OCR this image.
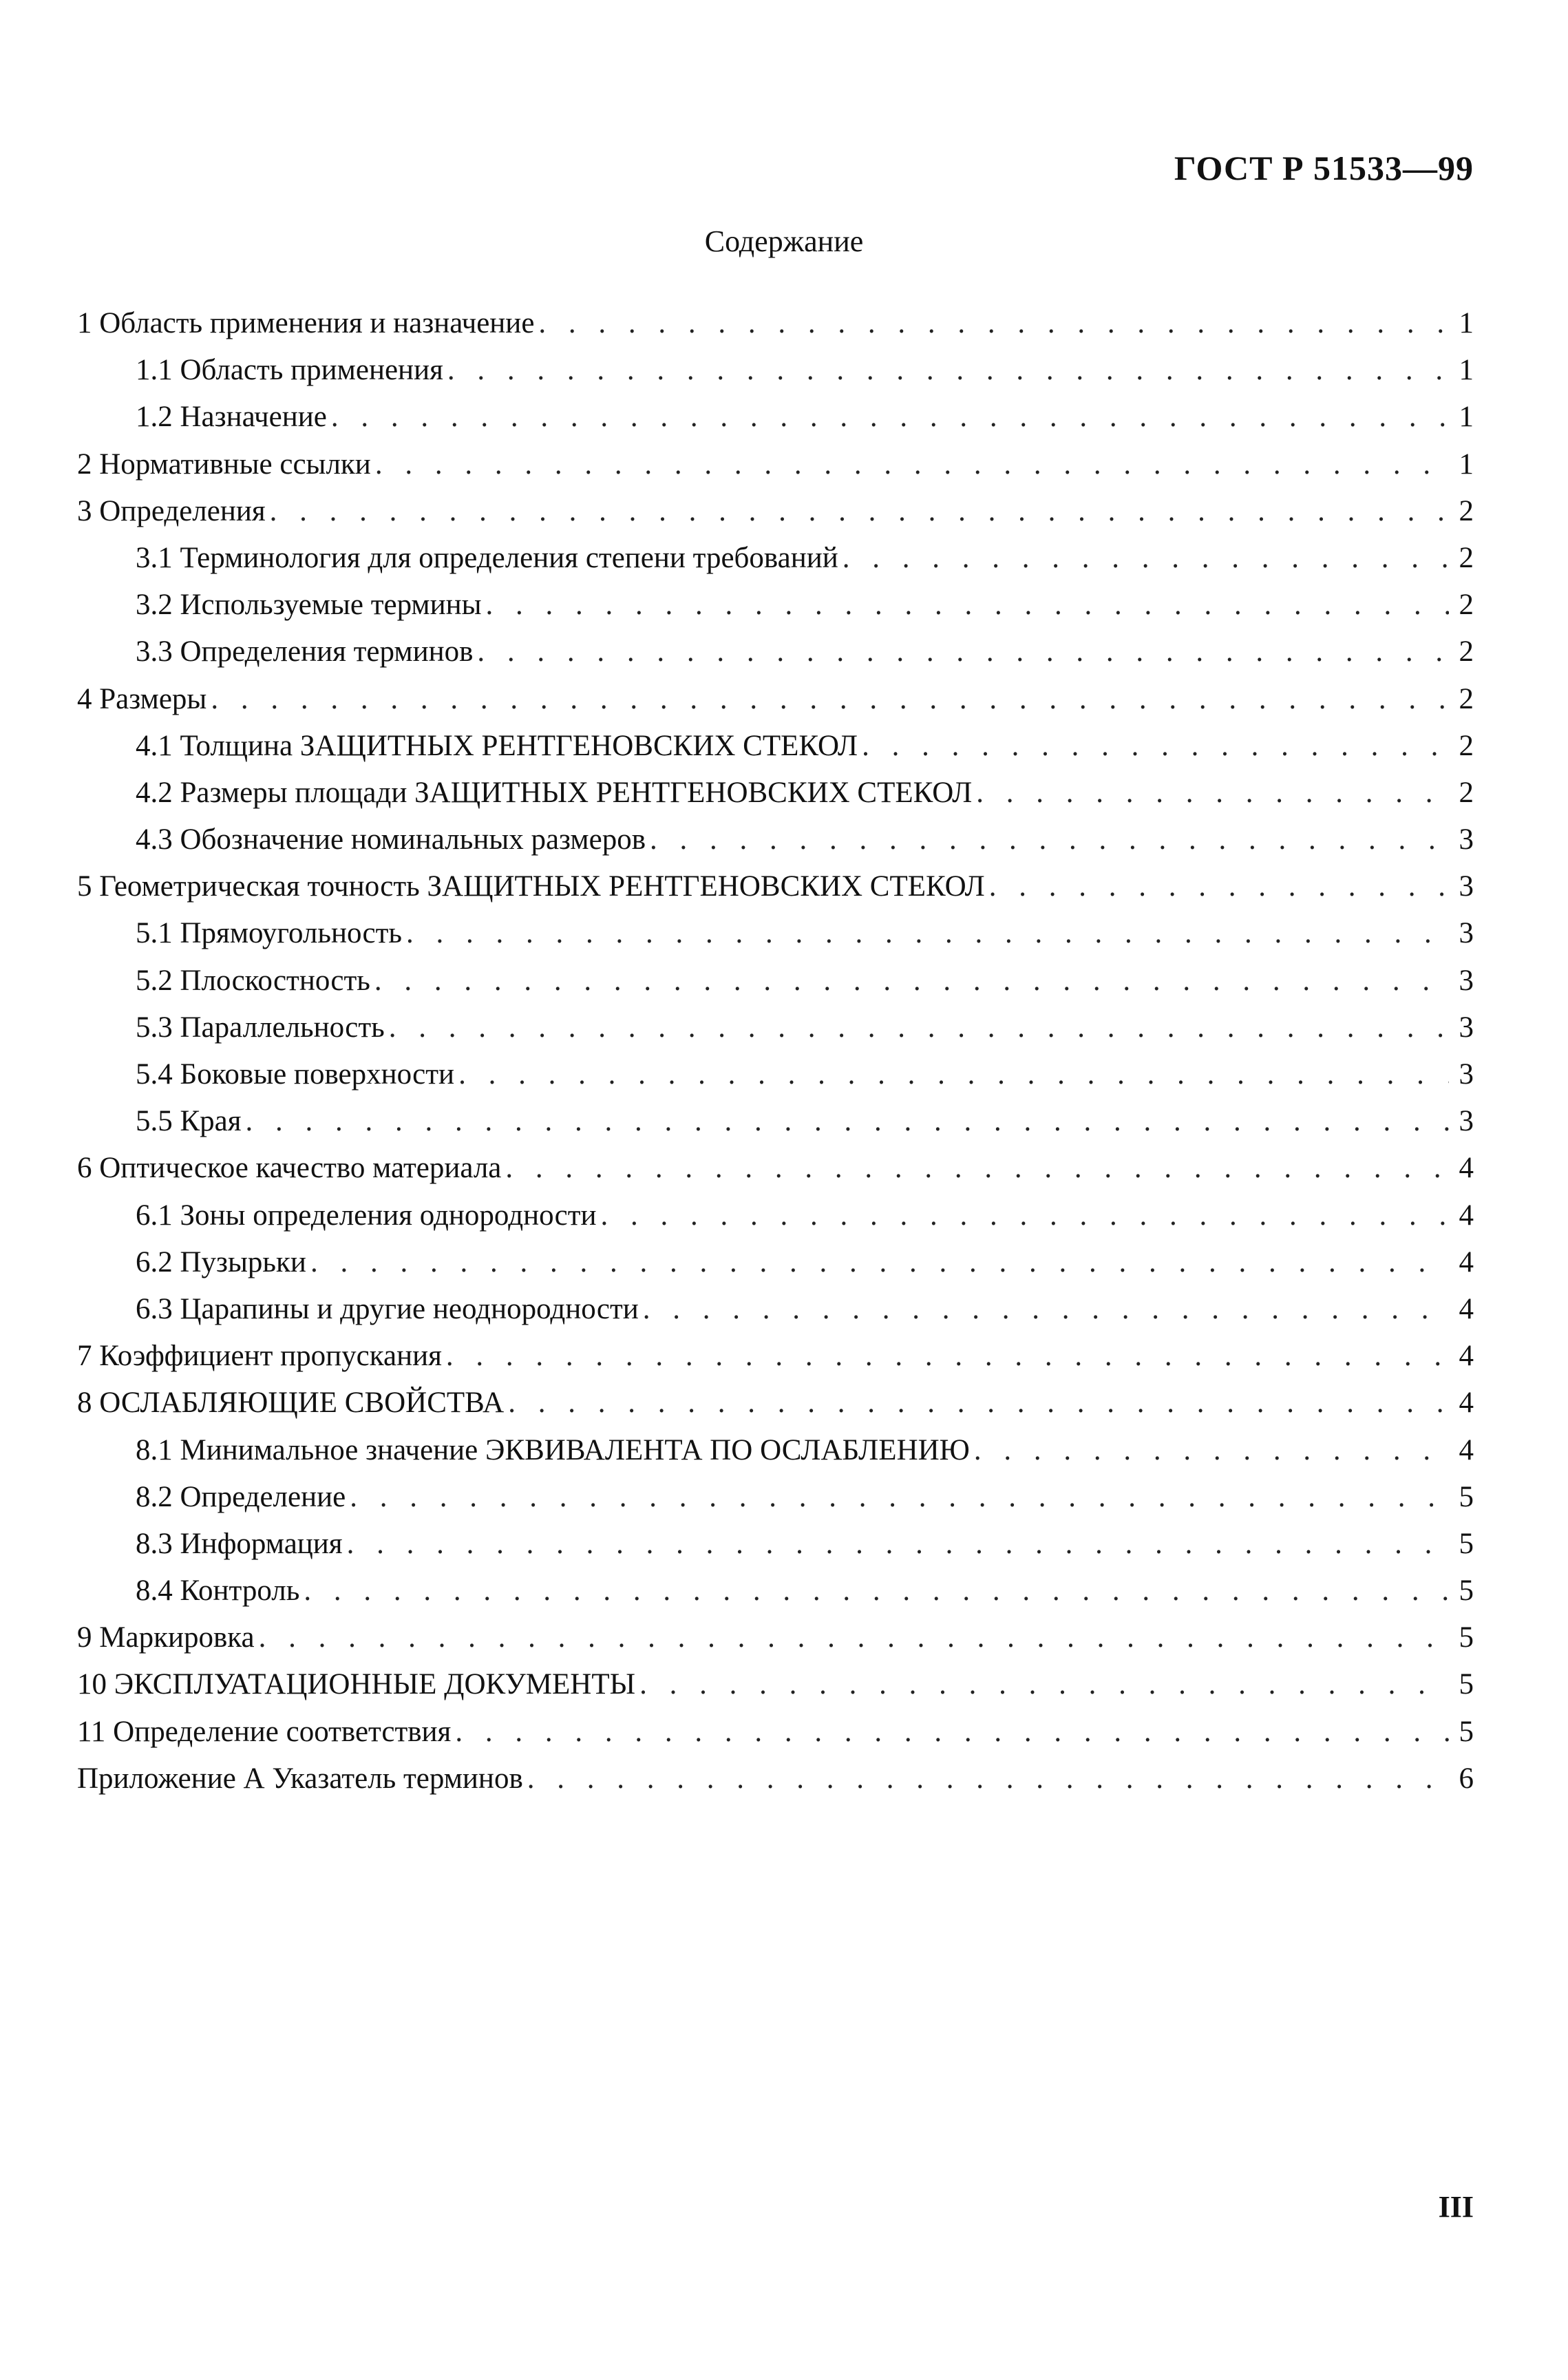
ГОСТ Р 51533—99
Содержание
1 Область применения и назначение . . .	1
1.1 Область применения . . .	1
1.2 Назначение . . .	1
2 Нормативные ссылки . . .	1
3 Определения . . .	2
3.1 Терминология для определения степени требований . . .	2
3.2 Используемые термины . . .	2
3.3 Определения терминов . . .	2
4 Размеры . . .	2
4.1 Толщина ЗАЩИТНЫХ РЕНТГЕНОВСКИХ СТЕКОЛ . . .	2
4.2 Размеры площади ЗАЩИТНЫХ РЕНТГЕНОВСКИХ СТЕКОЛ . . .	2
4.3 Обозначение номинальных размеров . . .	3
5 Геометрическая точность ЗАЩИТНЫХ РЕНТГЕНОВСКИХ СТЕКОЛ . . .	3
5.1 Прямоугольность . . .	3
5.2 Плоскостность . . .	3
5.3 Параллельность . . .	3
5.4 Боковые поверхности . . .	3
5.5 Края . . .	3
6 Оптическое качество материала . . .	4
6.1 Зоны определения однородности . . .	4
6.2 Пузырьки . . .	4
6.3 Царапины и другие неоднородности . . .	4
7 Коэффициент пропускания . . .	4
8 ОСЛАБЛЯЮЩИЕ СВОЙСТВА . . .	4
8.1 Минимальное значение ЭКВИВАЛЕНТА ПО ОСЛАБЛЕНИЮ . . .	4
8.2 Определение . . .	5
8.3 Информация . . .	5
8.4 Контроль . . .	5
9 Маркировка . . .	5
10 ЭКСПЛУАТАЦИОННЫЕ ДОКУМЕНТЫ . . .	5
11 Определение соответствия . . .	5
Приложение А Указатель терминов . . .	6
III
